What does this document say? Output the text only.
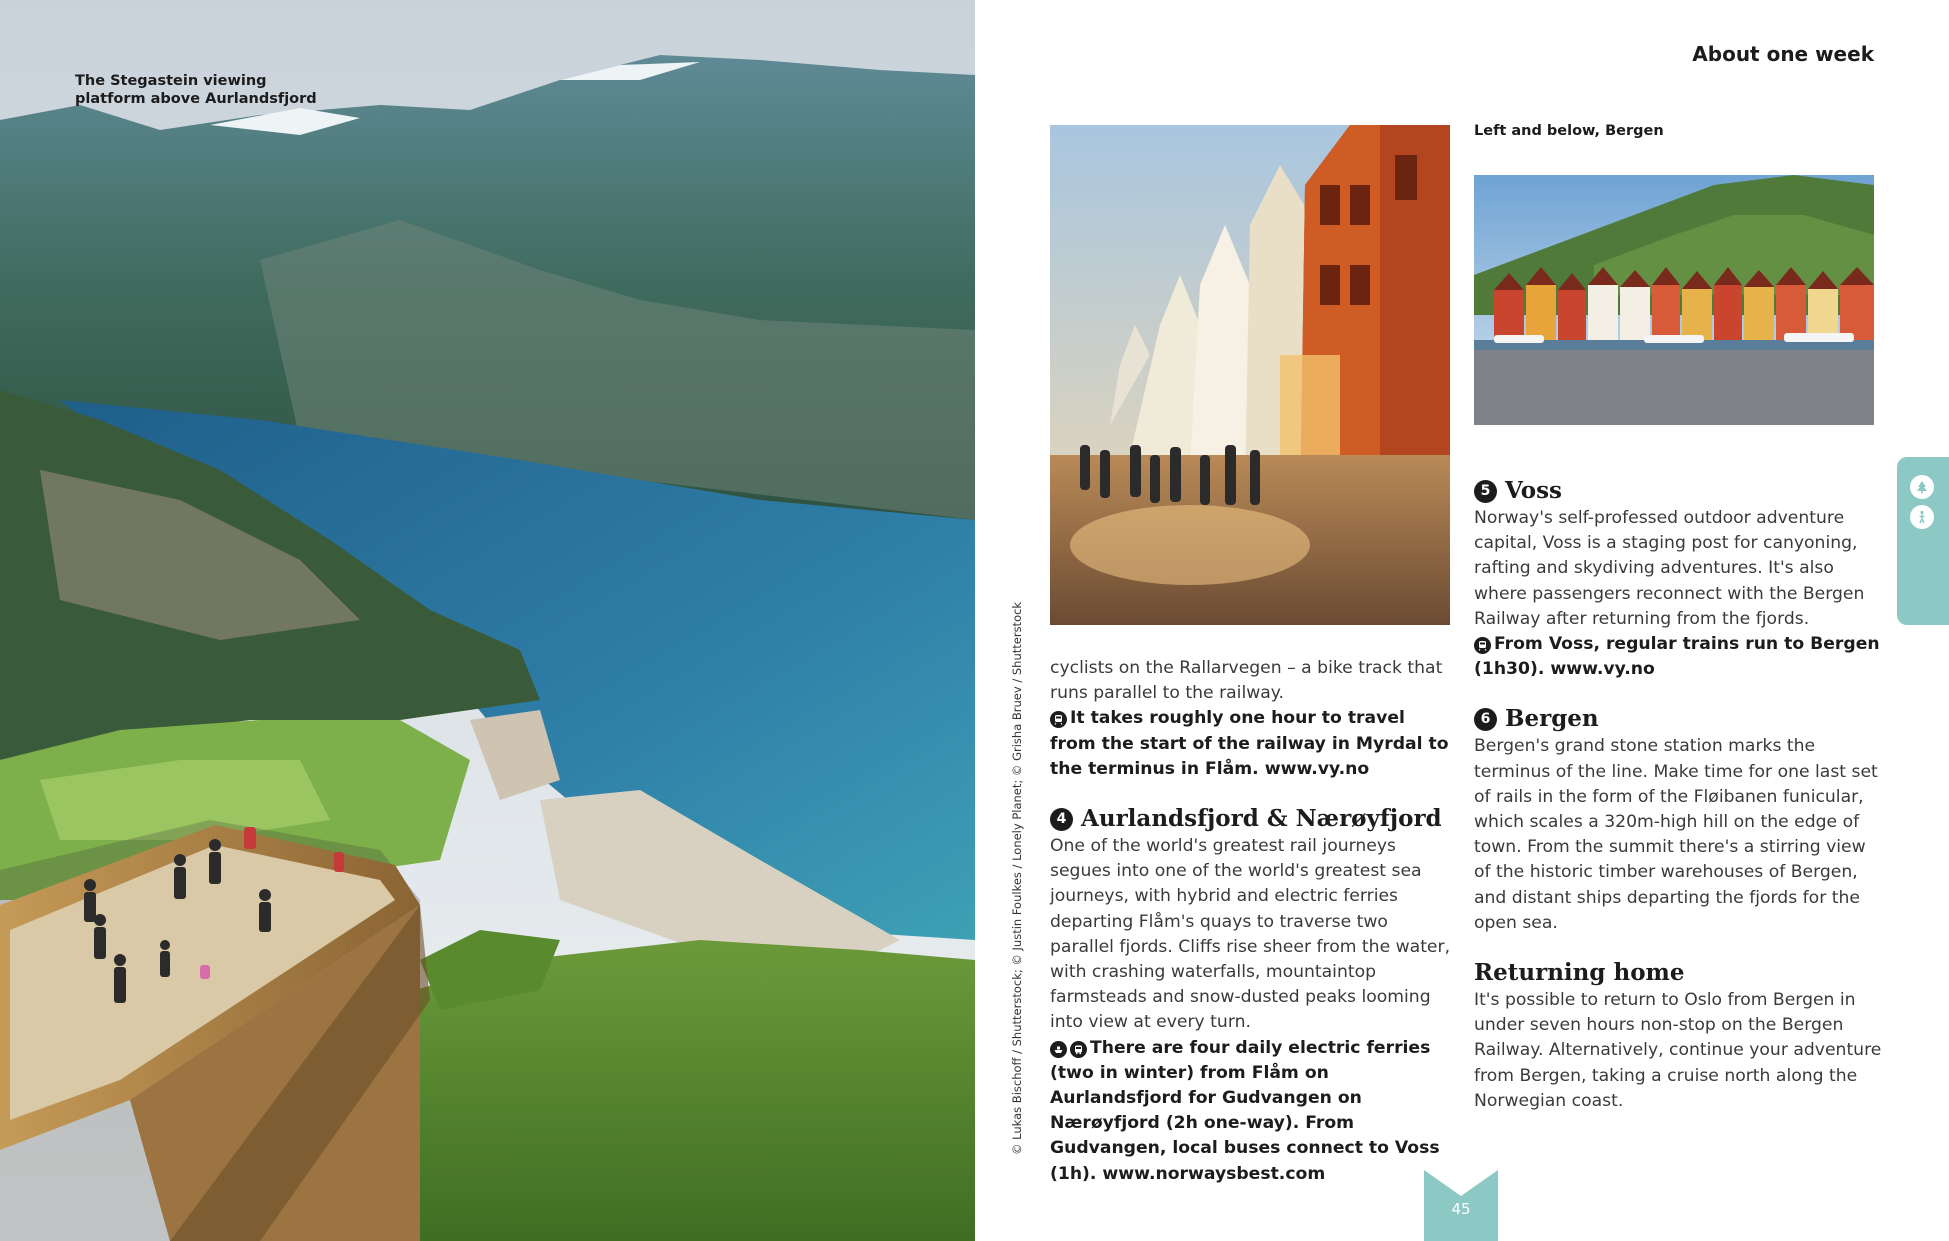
The Stegastein viewing
platform above Aurlandsfjord
About one week
© Lukas Bischoff / Shutterstock; © Justin Foulkes / Lonely Planet; © Grisha Bruev / Shutterstock
Left and below, Bergen

cyclists on the Rallarvegen – a bike track that runs parallel to the railway.

It takes roughly one hour to travel from the start of the railway in Myrdal to the terminus in Flåm. www.vy.no

4 Aurlandsfjord & Nærøyfjord

One of the world's greatest rail journeys segues into one of the world's greatest sea journeys, with hybrid and electric ferries departing Flåm's quays to traverse two parallel fjords. Cliffs rise sheer from the water, with crashing waterfalls, mountaintop farmsteads and snow-dusted peaks looming into view at every turn.

There are four daily electric ferries (two in winter) from Flåm on Aurlandsfjord for Gudvangen on Nærøyfjord (2h one-way). From Gudvangen, local buses connect to Voss (1h). www.norwaysbest.com

5 Voss

Norway's self-professed outdoor adventure capital, Voss is a staging post for canyoning, rafting and skydiving adventures. It's also where passengers reconnect with the Bergen Railway after returning from the fjords.

From Voss, regular trains run to Bergen (1h30). www.vy.no

6 Bergen

Bergen's grand stone station marks the terminus of the line. Make time for one last set of rails in the form of the Fløibanen funicular, which scales a 320m-high hill on the edge of town. From the summit there's a stirring view of the historic timber warehouses of Bergen, and distant ships departing the fjords for the open sea.

Returning home

It's possible to return to Oslo from Bergen in under seven hours non-stop on the Bergen Railway. Alternatively, continue your adventure from Bergen, taking a cruise north along the Norwegian coast.

45
